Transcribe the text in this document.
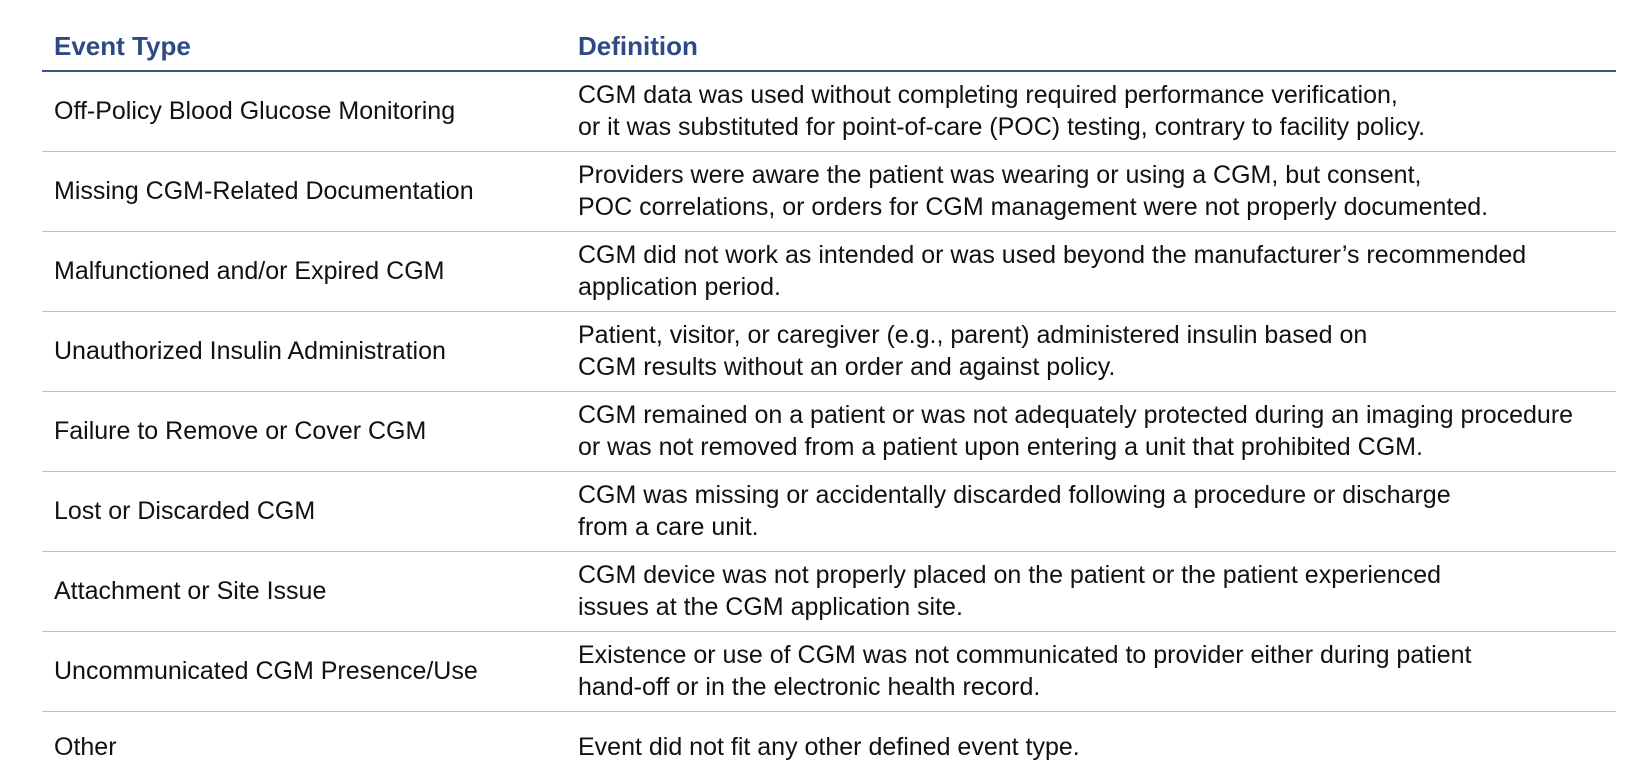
Event Type	Definition
Off-Policy Blood Glucose Monitoring	CGM data was used without completing required performance verification,
or it was substituted for point-of-care (POC) testing, contrary to facility policy.

Missing CGM-Related Documentation	Providers were aware the patient was wearing or using a CGM, but consent,
POC correlations, or orders for CGM management were not properly documented.

Malfunctioned and/or Expired CGM	CGM did not work as intended or was used beyond the manufacturer’s recommended
application period.

Unauthorized Insulin Administration	Patient, visitor, or caregiver (e.g., parent) administered insulin based on
CGM results without an order and against policy.

Failure to Remove or Cover CGM	CGM remained on a patient or was not adequately protected during an imaging procedure
or was not removed from a patient upon entering a unit that prohibited CGM.

Lost or Discarded CGM	CGM was missing or accidentally discarded following a procedure or discharge
from a care unit.

Attachment or Site Issue	CGM device was not properly placed on the patient or the patient experienced
issues at the CGM application site.

Uncommunicated CGM Presence/Use	Existence or use of CGM was not communicated to provider either during patient
hand-off or in the electronic health record.

Other	Event did not fit any other defined event type.
